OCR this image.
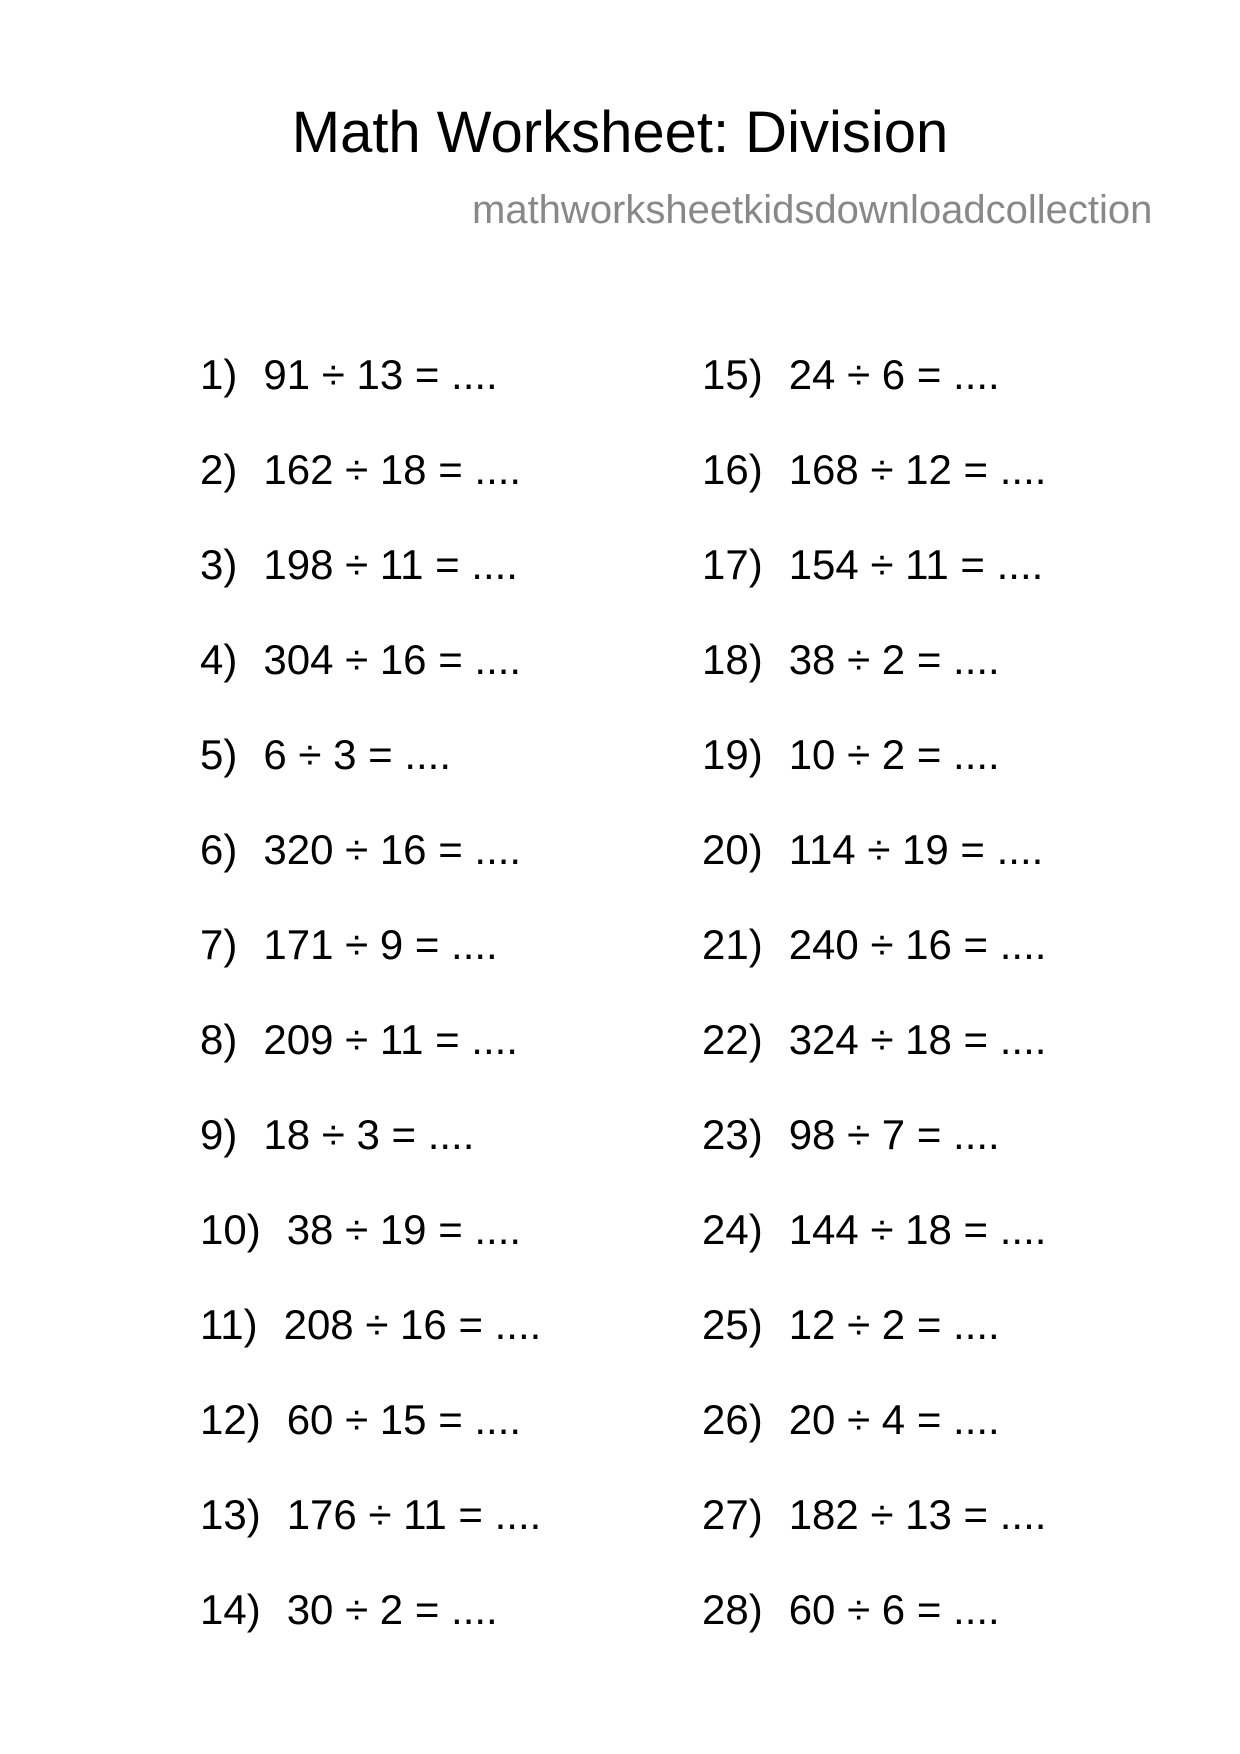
Math Worksheet: Division
mathworksheetkidsdownloadcollection
1) 91 ÷ 13 = ....
2) 162 ÷ 18 = ....
3) 198 ÷ 11 = ....
4) 304 ÷ 16 = ....
5) 6 ÷ 3 = ....
6) 320 ÷ 16 = ....
7) 171 ÷ 9 = ....
8) 209 ÷ 11 = ....
9) 18 ÷ 3 = ....
10) 38 ÷ 19 = ....
11) 208 ÷ 16 = ....
12) 60 ÷ 15 = ....
13) 176 ÷ 11 = ....
14) 30 ÷ 2 = ....
15) 24 ÷ 6 = ....
16) 168 ÷ 12 = ....
17) 154 ÷ 11 = ....
18) 38 ÷ 2 = ....
19) 10 ÷ 2 = ....
20) 114 ÷ 19 = ....
21) 240 ÷ 16 = ....
22) 324 ÷ 18 = ....
23) 98 ÷ 7 = ....
24) 144 ÷ 18 = ....
25) 12 ÷ 2 = ....
26) 20 ÷ 4 = ....
27) 182 ÷ 13 = ....
28) 60 ÷ 6 = ....
